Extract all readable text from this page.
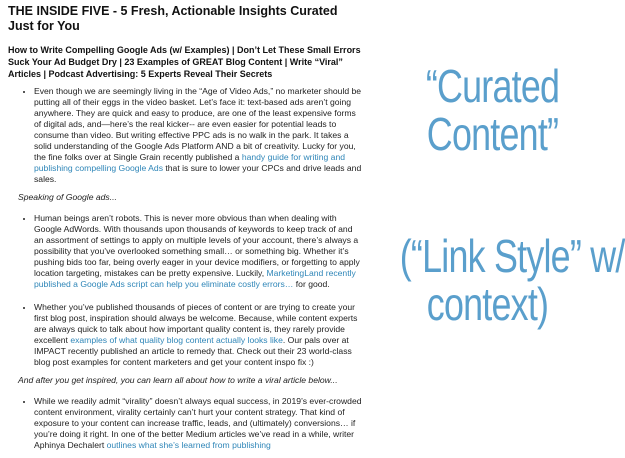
THE INSIDE FIVE - 5 Fresh, Actionable Insights Curated Just for You
How to Write Compelling Google Ads (w/ Examples) | Don’t Let These Small Errors Suck Your Ad Budget Dry | 23 Examples of GREAT Blog Content | Write “Viral” Articles | Podcast Advertising: 5 Experts Reveal Their Secrets
• Even though we are seemingly living in the “Age of Video Ads,” no marketer should be putting all of their eggs in the video basket. Let’s face it: text-based ads aren’t going anywhere. They are quick and easy to produce, are one of the least expensive forms of digital ads, and—here’s the real kicker-- are even easier for potential leads to consume than video. But writing effective PPC ads is no walk in the park. It takes a solid understanding of the Google Ads Platform AND a bit of creativity. Lucky for you, the fine folks over at Single Grain recently published a handy guide for writing and publishing compelling Google Ads that is sure to lower your CPCs and drive leads and sales.
Speaking of Google ads...
• Human beings aren’t robots. This is never more obvious than when dealing with Google AdWords. With thousands upon thousands of keywords to keep track of and an assortment of settings to apply on multiple levels of your account, there’s always a possibility that you’ve overlooked something small… or something big. Whether it’s pushing bids too far, being overly eager in your device modifiers, or forgetting to apply location targeting, mistakes can be pretty expensive. Luckily, MarketingLand recently published a Google Ads script can help you eliminate costly errors… for good.
• Whether you’ve published thousands of pieces of content or are trying to create your first blog post, inspiration should always be welcome. Because, while content experts are always quick to talk about how important quality content is, they rarely provide excellent examples of what quality blog content actually looks like. Our pals over at IMPACT recently published an article to remedy that. Check out their 23 world-class blog post examples for content marketers and get your content inspo fix :)
And after you get inspired, you can learn all about how to write a viral article below...
• While we readily admit “virality” doesn’t always equal success, in 2019’s ever-crowded content environment, virality certainly can’t hurt your content strategy. That kind of exposure to your content can increase traffic, leads, and (ultimately) conversions… if you’re doing it right. In one of the better Medium articles we’ve read in a while, writer Aphinya Dechalert outlines what she’s learned from publishing
“Curated
Content”
(“Link Style” w/
context)
